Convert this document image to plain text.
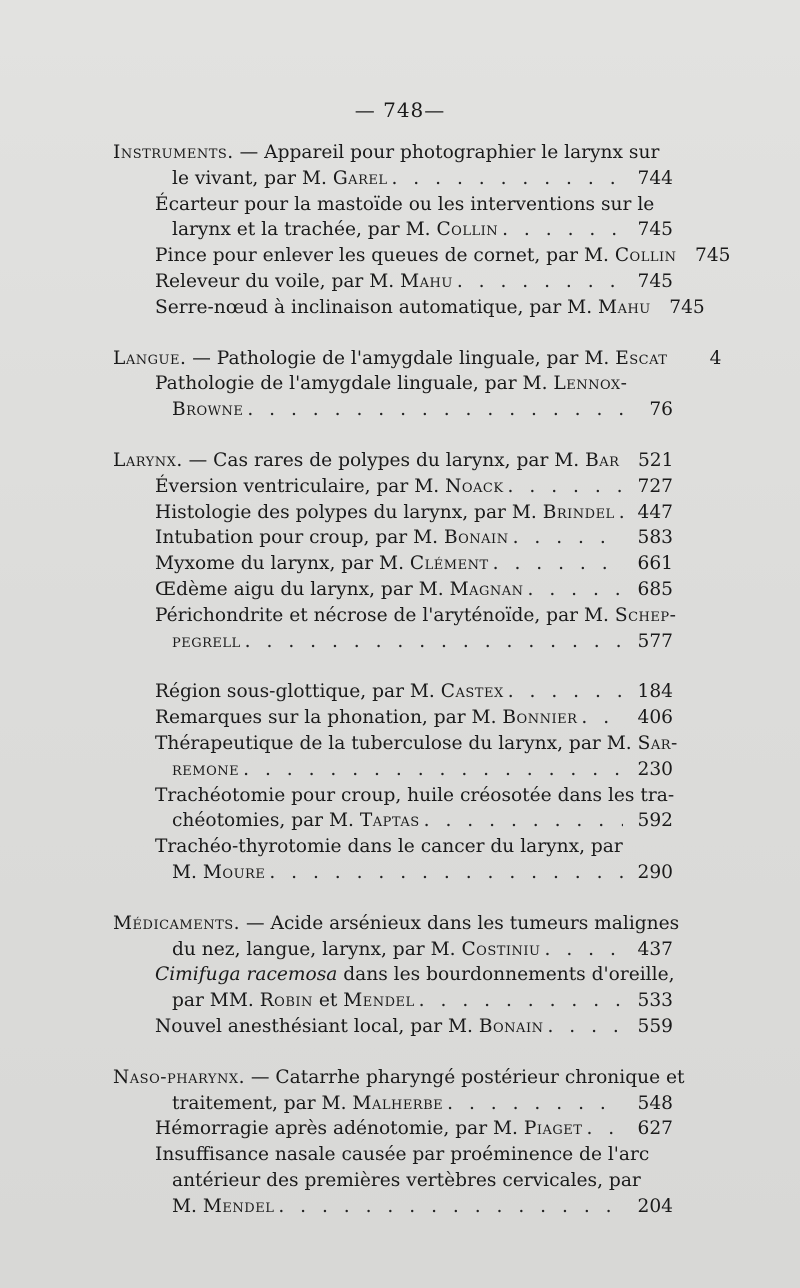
— 748—
Instruments. — Appareil pour photographier le larynx sur
le vivant, par M. Garel . . .	744
Écarteur pour la mastoïde ou les interventions sur le
larynx et la trachée, par M. Collin . . .	745
Pince pour enlever les queues de cornet, par M. Collin 745
Releveur du voile, par M. Mahu . . .	745
Serre-nœud à inclinaison automatique, par M. Mahu 745
Langue. — Pathologie de l'amygdale linguale, par M. Escat	4
Pathologie de l'amygdale linguale, par M. Lennox-
Browne . . .	76
Larynx. — Cas rares de polypes du larynx, par M. Bar 521
Éversion ventriculaire, par M. Noack . . .	727
Histologie des polypes du larynx, par M. Brindel . . .	447
Intubation pour croup, par M. Bonain . . .	583
Myxome du larynx, par M. Clément . . .	661
Œdème aigu du larynx, par M. Magnan . . .	685
Périchondrite et nécrose de l'aryténoïde, par M. Schep-
pegrell . . .	577
Région sous-glottique, par M. Castex . . .	184
Remarques sur la phonation, par M. Bonnier . . .	406
Thérapeutique de la tuberculose du larynx, par M. Sar-
remone . . .	230
Trachéotomie pour croup, huile créosotée dans les tra-
chéotomies, par M. Taptas . . .	592
Trachéo-thyrotomie dans le cancer du larynx, par
M. Moure . . .	290
Médicaments. — Acide arsénieux dans les tumeurs malignes
du nez, langue, larynx, par M. Costiniu . . .	437
Cimifuga racemosa dans les bourdonnements d'oreille,
par MM. Robin et Mendel . . .	533
Nouvel anesthésiant local, par M. Bonain . . .	559
Naso-pharynx. — Catarrhe pharyngé postérieur chronique et
traitement, par M. Malherbe . . .	548
Hémorragie après adénotomie, par M. Piaget . . .	627
Insuffisance nasale causée par proéminence de l'arc
antérieur des premières vertèbres cervicales, par
M. Mendel . . .	204
